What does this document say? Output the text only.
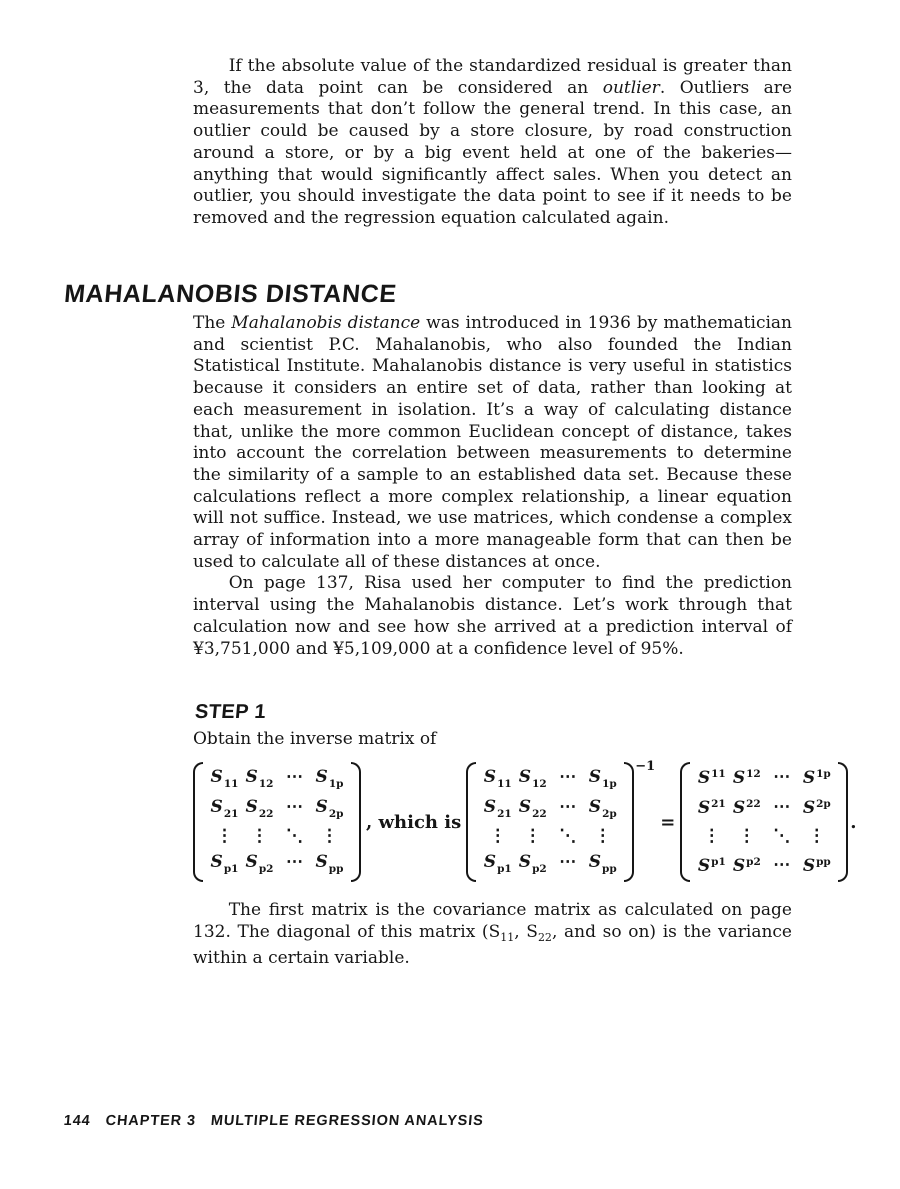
If the absolute value of the standardized residual is greater than 3, the data point can be considered an outlier. Outliers are measurements that don’t follow the general trend. In this case, an outlier could be caused by a store closure, by road construction around a store, or by a big event held at one of the bakeries—anything that would significantly affect sales. When you detect an outlier, you should investigate the data point to see if it needs to be removed and the regression equation calculated again.

MAHALANOBIS DISTANCE

The Mahalanobis distance was introduced in 1936 by mathematician and scientist P.C. Mahalanobis, who also founded the Indian Statistical Institute. Mahalanobis distance is very useful in statistics because it considers an entire set of data, rather than looking at each measurement in isolation. It’s a way of calculating distance that, unlike the more common Euclidean concept of distance, takes into account the correlation between measurements to determine the similarity of a sample to an established data set. Because these calculations reflect a more complex relationship, a linear equation will not suffice. Instead, we use matrices, which condense a complex array of information into a more manageable form that can then be used to calculate all of these distances at once.

On page 137, Risa used her computer to find the prediction interval using the Mahalanobis distance. Let’s work through that calculation now and see how she arrived at a prediction interval of ¥3,751,000 and ¥5,109,000 at a confidence level of 95%.

STEP 1
Obtain the inverse matrix of
$S_{11}$ $S_{12}$ ⋯ $S_{1p}$
$S_{21}$ $S_{22}$ ⋯ $S_{2p}$
⋮	⋮	⋱	⋮
$S_{p1}$ $S_{p2}$ ⋯ $S_{pp}$
, which is
$S_{11}$ $S_{12}$ ⋯ $S_{1p}$
$S_{21}$ $S_{22}$ ⋯ $S_{2p}$
⋮	⋮	⋱	⋮
$S_{p1}$ $S_{p2}$ ⋯ $S_{pp}$
−1
=
$S^{11}$ $S^{12}$ ⋯ $S^{1p}$
$S^{21}$ $S^{22}$ ⋯ $S^{2p}$
⋮	⋮	⋱	⋮
$S^{p1}$ $S^{p2}$ ⋯ $S^{pp}$
.

The first matrix is the covariance matrix as calculated on page 132. The diagonal of this matrix ($S_{11}$, $S_{22}$, and so on) is the variance within a certain variable.

144 CHAPTER 3 MULTIPLE REGRESSION ANALYSIS
